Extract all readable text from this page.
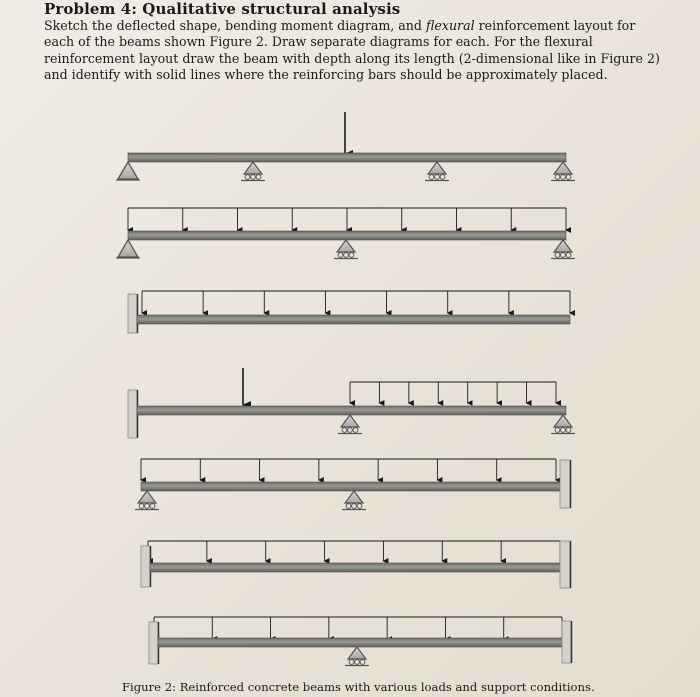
Problem 4: Qualitative structural analysis
Sketch the deflected shape, bending moment diagram, and flexural reinforcement layout for each of the beams shown Figure 2. Draw separate diagrams for each. For the flexural reinforcement layout draw the beam with depth along its length (2-dimensional like in Figure 2) and identify with solid lines where the reinforcing bars should be approximately placed.
Figure 2: Reinforced concrete beams with various loads and support conditions.
